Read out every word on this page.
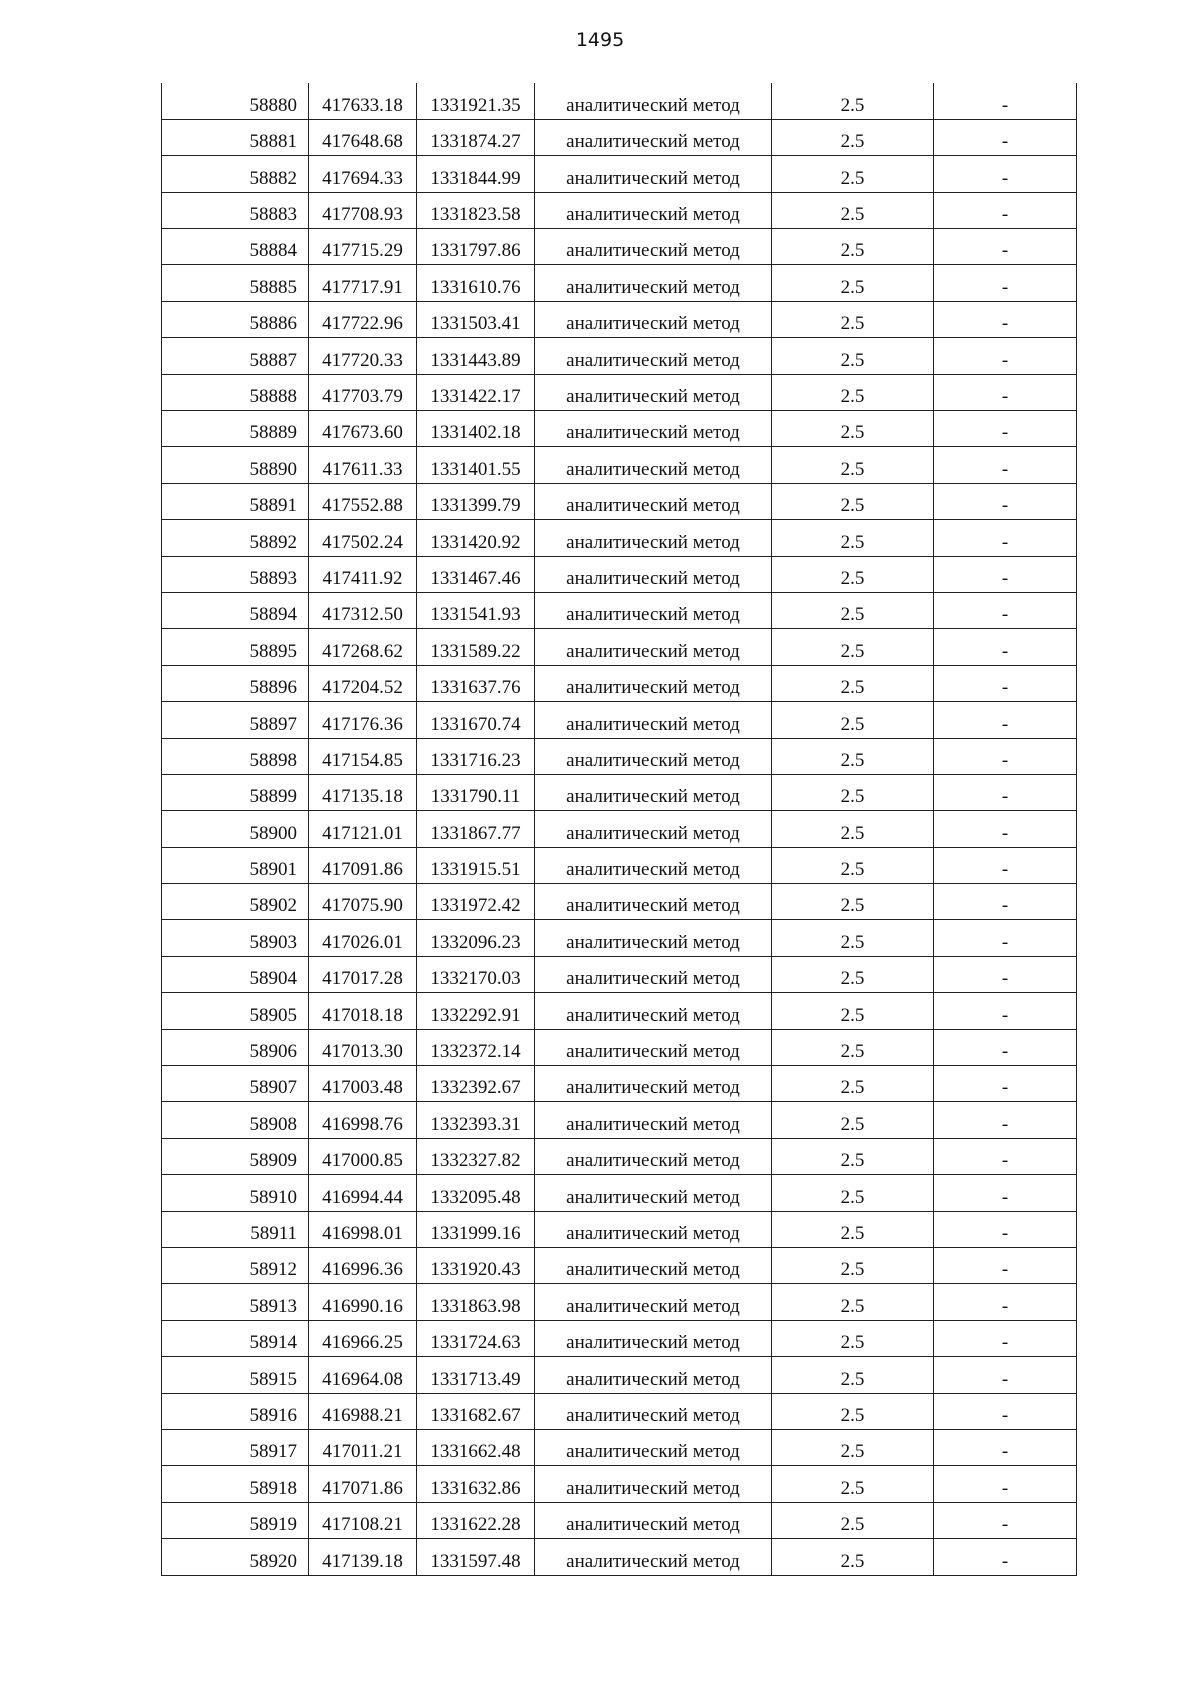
1495
58880	417633.18	1331921.35	аналитический метод	2.5	-
58881	417648.68	1331874.27	аналитический метод	2.5	-
58882	417694.33	1331844.99	аналитический метод	2.5	-
58883	417708.93	1331823.58	аналитический метод	2.5	-
58884	417715.29	1331797.86	аналитический метод	2.5	-
58885	417717.91	1331610.76	аналитический метод	2.5	-
58886	417722.96	1331503.41	аналитический метод	2.5	-
58887	417720.33	1331443.89	аналитический метод	2.5	-
58888	417703.79	1331422.17	аналитический метод	2.5	-
58889	417673.60	1331402.18	аналитический метод	2.5	-
58890	417611.33	1331401.55	аналитический метод	2.5	-
58891	417552.88	1331399.79	аналитический метод	2.5	-
58892	417502.24	1331420.92	аналитический метод	2.5	-
58893	417411.92	1331467.46	аналитический метод	2.5	-
58894	417312.50	1331541.93	аналитический метод	2.5	-
58895	417268.62	1331589.22	аналитический метод	2.5	-
58896	417204.52	1331637.76	аналитический метод	2.5	-
58897	417176.36	1331670.74	аналитический метод	2.5	-
58898	417154.85	1331716.23	аналитический метод	2.5	-
58899	417135.18	1331790.11	аналитический метод	2.5	-
58900	417121.01	1331867.77	аналитический метод	2.5	-
58901	417091.86	1331915.51	аналитический метод	2.5	-
58902	417075.90	1331972.42	аналитический метод	2.5	-
58903	417026.01	1332096.23	аналитический метод	2.5	-
58904	417017.28	1332170.03	аналитический метод	2.5	-
58905	417018.18	1332292.91	аналитический метод	2.5	-
58906	417013.30	1332372.14	аналитический метод	2.5	-
58907	417003.48	1332392.67	аналитический метод	2.5	-
58908	416998.76	1332393.31	аналитический метод	2.5	-
58909	417000.85	1332327.82	аналитический метод	2.5	-
58910	416994.44	1332095.48	аналитический метод	2.5	-
58911	416998.01	1331999.16	аналитический метод	2.5	-
58912	416996.36	1331920.43	аналитический метод	2.5	-
58913	416990.16	1331863.98	аналитический метод	2.5	-
58914	416966.25	1331724.63	аналитический метод	2.5	-
58915	416964.08	1331713.49	аналитический метод	2.5	-
58916	416988.21	1331682.67	аналитический метод	2.5	-
58917	417011.21	1331662.48	аналитический метод	2.5	-
58918	417071.86	1331632.86	аналитический метод	2.5	-
58919	417108.21	1331622.28	аналитический метод	2.5	-
58920	417139.18	1331597.48	аналитический метод	2.5	-
